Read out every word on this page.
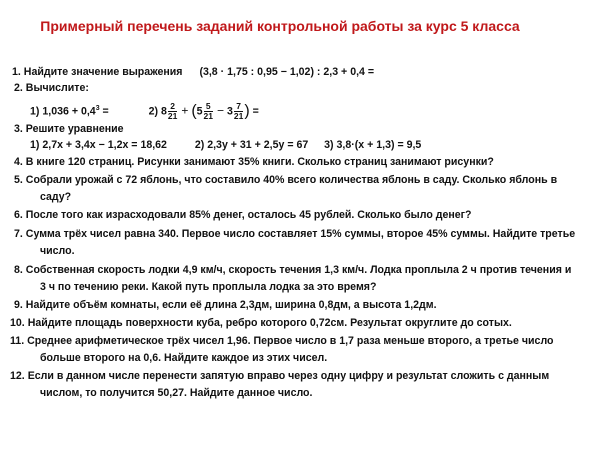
Примерный перечень заданий контрольной работы за курс 5 класса
1. Найдите значение выражения (3,8 · 1,75 : 0,95 − 1,02) : 2,3 + 0,4 =
2. Вычислите:
1) $1,036 + 0,4^3$ =	2) $8 \frac{2}{21} + (5 \frac{5}{21} - 3 \frac{7}{21}$ ) =
3. Решите уравнение
1) 2,7х + 3,4х − 1,2х = 18,62	2) 2,3у + 31 + 2,5у = 67 3) 3,8·(х + 1,3) = 9,5
4. В книге 120 страниц. Рисунки занимают 35% книги. Сколько страниц занимают рисунки?
5. Собрали урожай с 72 яблонь, что составило 40% всего количества яблонь в саду. Сколько яблонь в
саду?
6. После того как израсходовали 85% денег, осталось 45 рублей. Сколько было денег?
7. Сумма трёх чисел равна 340. Первое число составляет 15% суммы, второе 45% суммы. Найдите третье
число.
8. Собственная скорость лодки 4,9 км/ч, скорость течения 1,3 км/ч. Лодка проплыла 2 ч против течения и
3 ч по течению реки. Какой путь проплыла лодка за это время?
9. Найдите объём комнаты, если её длина 2,3дм, ширина 0,8дм, а высота 1,2дм.
10. Найдите площадь поверхности куба, ребро которого 0,72см. Результат округлите до сотых.
11. Среднее арифметическое трёх чисел 1,96. Первое число в 1,7 раза меньше второго, а третье число
больше второго на 0,6. Найдите каждое из этих чисел.
12. Если в данном числе перенести запятую вправо через одну цифру и результат сложить с данным
числом, то получится 50,27. Найдите данное число.
